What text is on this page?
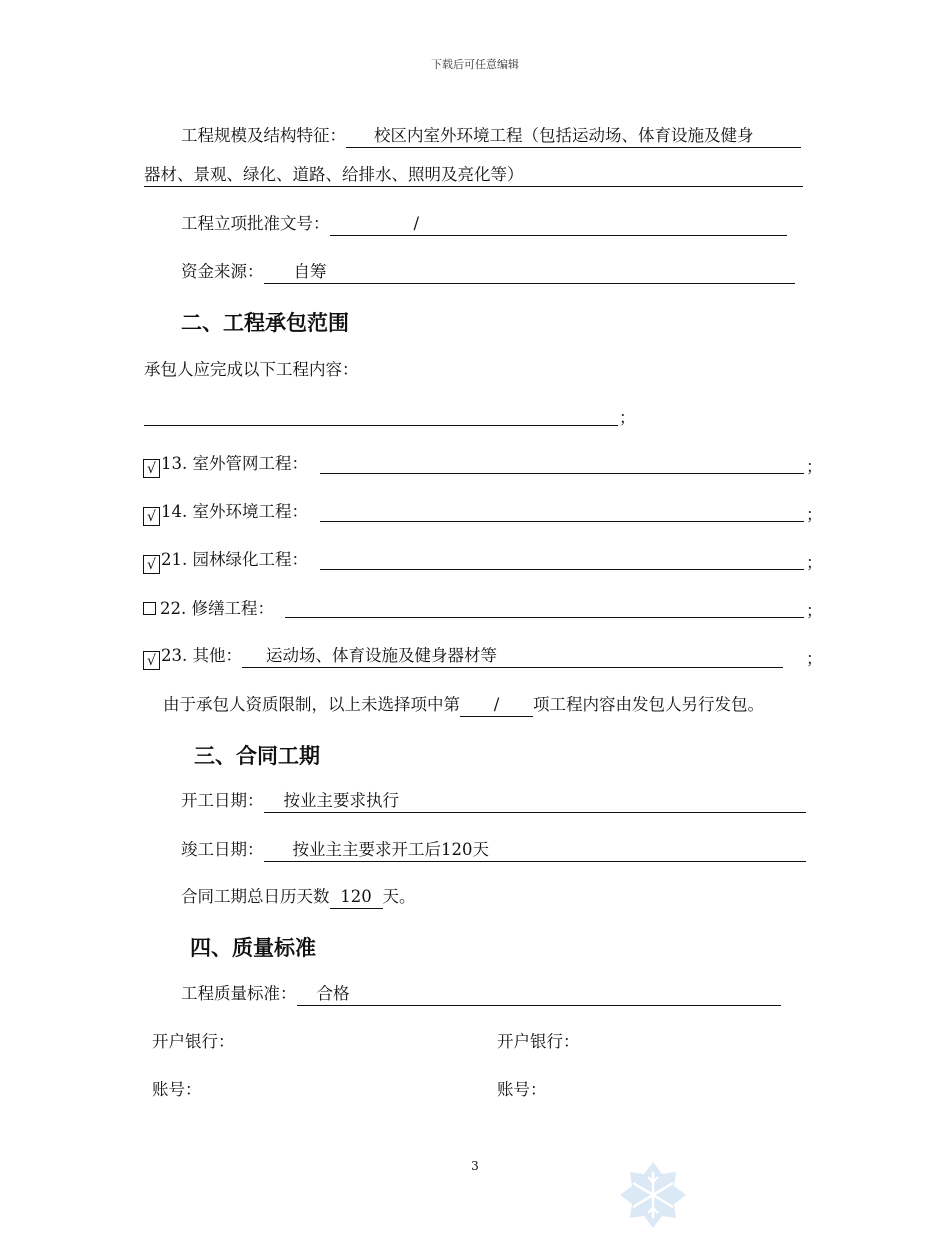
下载后可任意编辑
工程规模及结构特征： 校区内室外环境工程（包括运动场、体育设施及健身
器材、景观、绿化、道路、给排水、照明及亮化等）
工程立项批准文号：	/
资金来源： 自筹
二、工程承包范围
承包人应完成以下工程内容：
；
√ 13. 室外管网工程：	；
√ 14. 室外环境工程：	；
√ 21. 园林绿化工程：	；
22. 修缮工程：	；
√ 23. 其他： 运动场、体育设施及健身器材等	；
由于承包人资质限制，以上未选择项中第 / 项工程内容由发包人另行发包。
三、合同工期
开工日期： 按业主要求执行
竣工日期： 按业主主要求开工后120天
合同工期总日历天数 120 天。
四、质量标准
工程质量标准： 合格
开户银行：
账号：
开户银行：
账号：
3
